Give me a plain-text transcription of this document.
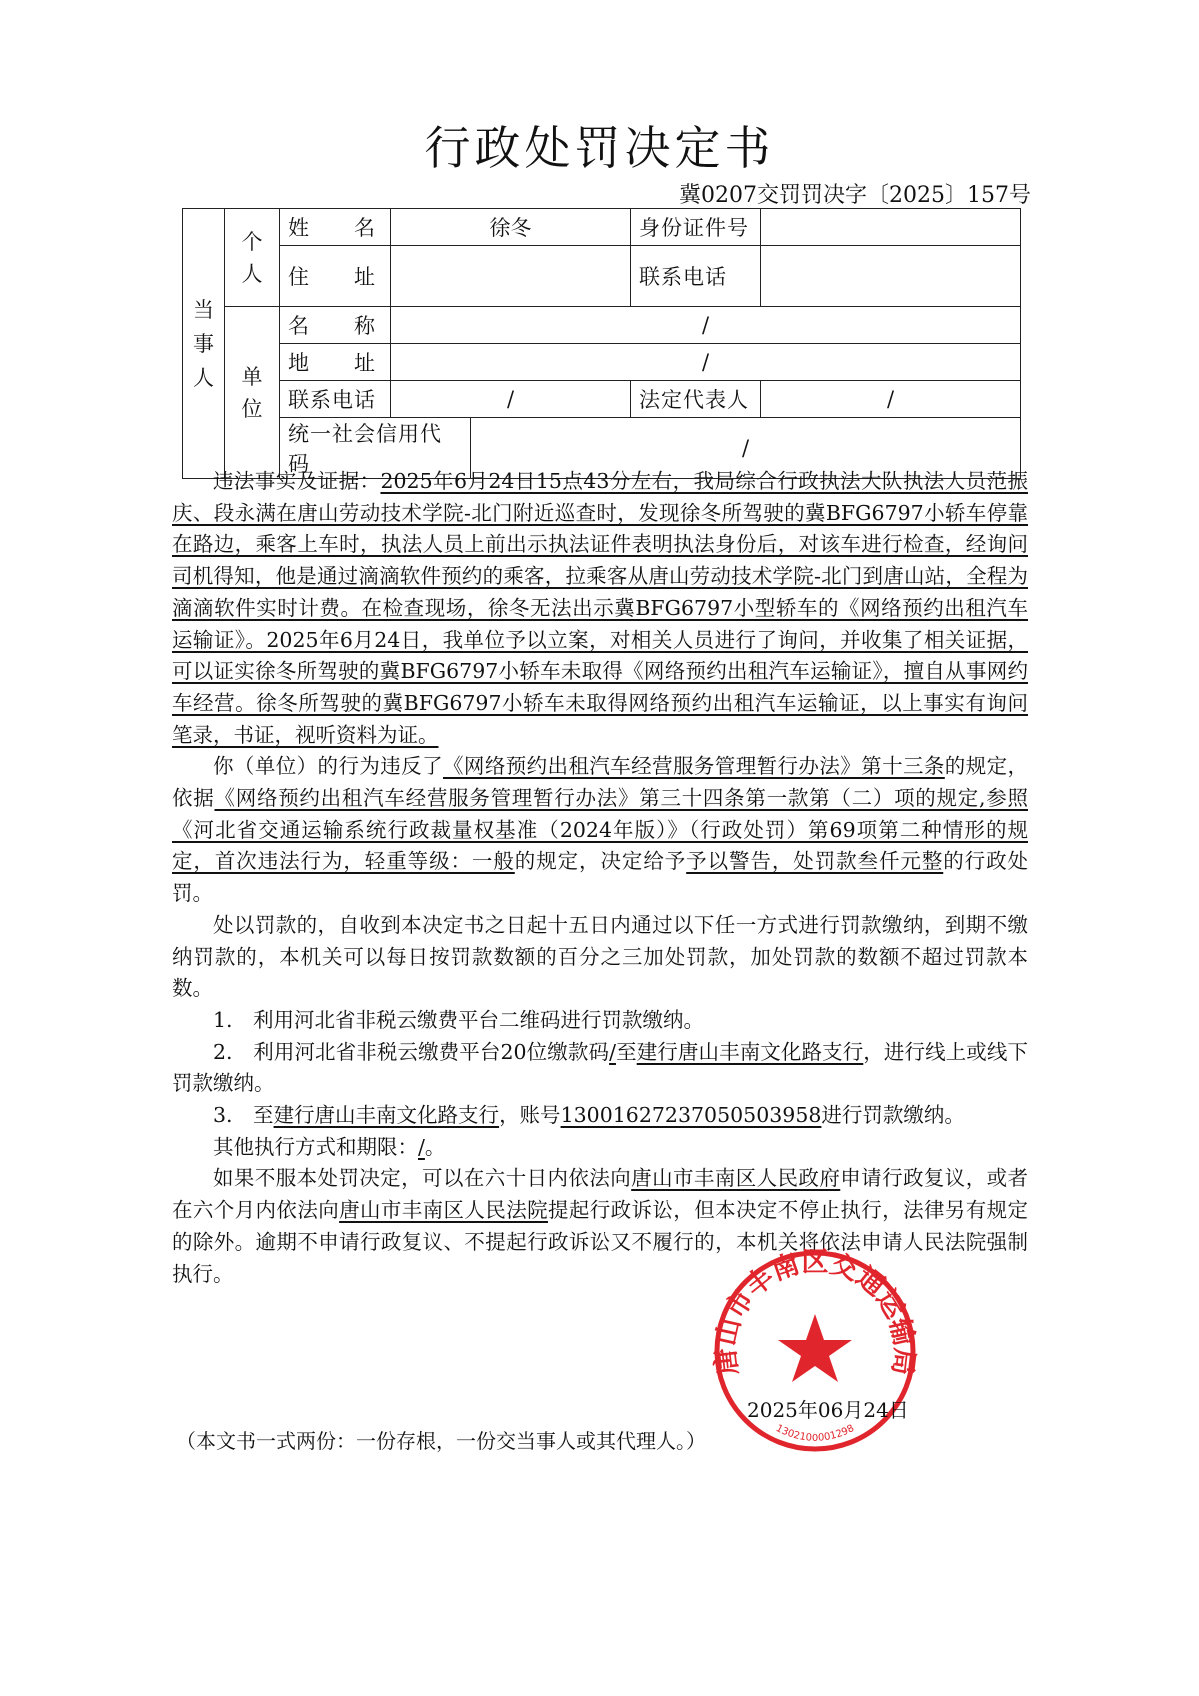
行政处罚决定书
冀0207交罚罚决字〔2025〕157号
当事人	个人	姓　　名	徐冬		身份证件号	
		住　　址			联系电话	
	单位	名　　称	/			
		地　　址	/			
		联系电话	/		法定代表人	/
		统一社会信用代码		/		

违法事实及证据：2025年6月24日15点43分左右，我局综合行政执法大队执法人员范振庆、段永满在唐山劳动技术学院-北门附近巡查时，发现徐冬所驾驶的冀BFG6797小轿车停靠在路边，乘客上车时，执法人员上前出示执法证件表明执法身份后，对该车进行检查，经询问司机得知，他是通过滴滴软件预约的乘客，拉乘客从唐山劳动技术学院-北门到唐山站，全程为滴滴软件实时计费。在检查现场，徐冬无法出示冀BFG6797小型轿车的《网络预约出租汽车运输证》。2025年6月24日，我单位予以立案，对相关人员进行了询问，并收集了相关证据，可以证实徐冬所驾驶的冀BFG6797小轿车未取得《网络预约出租汽车运输证》，擅自从事网约车经营。徐冬所驾驶的冀BFG6797小轿车未取得网络预约出租汽车运输证，以上事实有询问笔录，书证，视听资料为证。

你（单位）的行为违反了《网络预约出租汽车经营服务管理暂行办法》第十三条的规定，依据《网络预约出租汽车经营服务管理暂行办法》第三十四条第一款第（二）项的规定,参照《河北省交通运输系统行政裁量权基准（2024年版）》（行政处罚）第69项第二种情形的规定，首次违法行为，轻重等级：一般的规定，决定给予予以警告，处罚款叁仟元整的行政处罚。

处以罚款的，自收到本决定书之日起十五日内通过以下任一方式进行罚款缴纳，到期不缴纳罚款的，本机关可以每日按罚款数额的百分之三加处罚款，加处罚款的数额不超过罚款本数。

1.　利用河北省非税云缴费平台二维码进行罚款缴纳。

2.　利用河北省非税云缴费平台20位缴款码/至建行唐山丰南文化路支行，进行线上或线下罚款缴纳。

3.　至建行唐山丰南文化路支行，账号13001627237050503958进行罚款缴纳。

其他执行方式和期限：/。

如果不服本处罚决定，可以在六十日内依法向唐山市丰南区人民政府申请行政复议，或者在六个月内依法向唐山市丰南区人民法院提起行政诉讼，但本决定不停止执行，法律另有规定的除外。逾期不申请行政复议、不提起行政诉讼又不履行的，本机关将依法申请人民法院强制执行。

唐山市丰南区交通运输局
1302100001298
2025年06月24日
（本文书一式两份：一份存根，一份交当事人或其代理人。）
